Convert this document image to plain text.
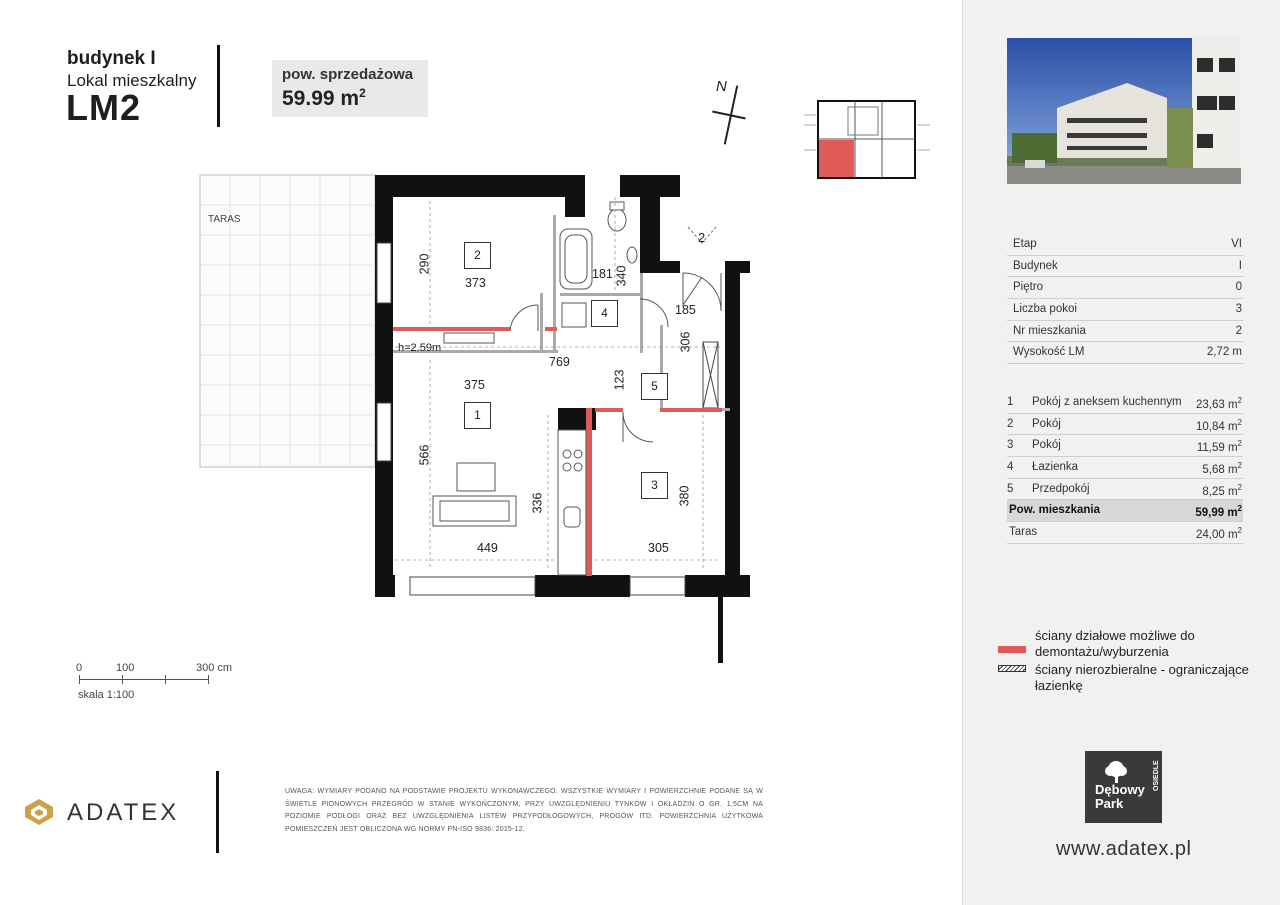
budynek I
Lokal mieszkalny
LM2
pow. sprzedażowa
59.99 $m^2$	N
TARAS
h=2.59m
2
2
4
5
1
3
290
373
181 340
185
769
306
375	123
566
336	380
449	305
0	100	300 cm
skala 1:100
ADATEX
UWAGA: WYMIARY PODANO NA PODSTAWIE PROJEKTU WYKONAWCZEGO. WSZYSTKIE WYMIARY I POWIERZCHNIE PODANE SĄ W ŚWIETLE PIONOWYCH PRZEGRÓD W STANIE WYKOŃCZONYM, PRZY UWZGLĘDNIENIU TYNKÓW I OKŁADZIN O GR. 1,5CM NA POZIOMIE PODŁOGI ORAZ BEZ UWZGLĘDNIENIA LISTEW PRZYPODŁOGOWYCH, PROGÓW ITD. POWIERZCHNIA UŻYTKOWA POMIESZCZEŃ JEST OBLICZONA WG NORMY PN-ISO 9836: 2015-12.
Etap	VI
Budynek	I
Piętro	0
Liczba pokoi	3
Nr mieszkania	2
Wysokość LM	2,72 m
1 Pokój z aneksem kuchennym 23,63 $m^2$
2 Pokój	10,84 $m^2$
3 Pokój	11,59 $m^2$
4 Łazienka	5,68 $m^2$
5 Przedpokój	8,25 $m^2$
Pow. mieszkania	59,99 $m^2$
Taras	24,00 $m^2$
ściany działowe możliwe do
demontażu/wyburzenia
ściany nierozbieralne - ograniczające
łazienkę
OSIEDLE
Dębowy
Park
www.adatex.pl
